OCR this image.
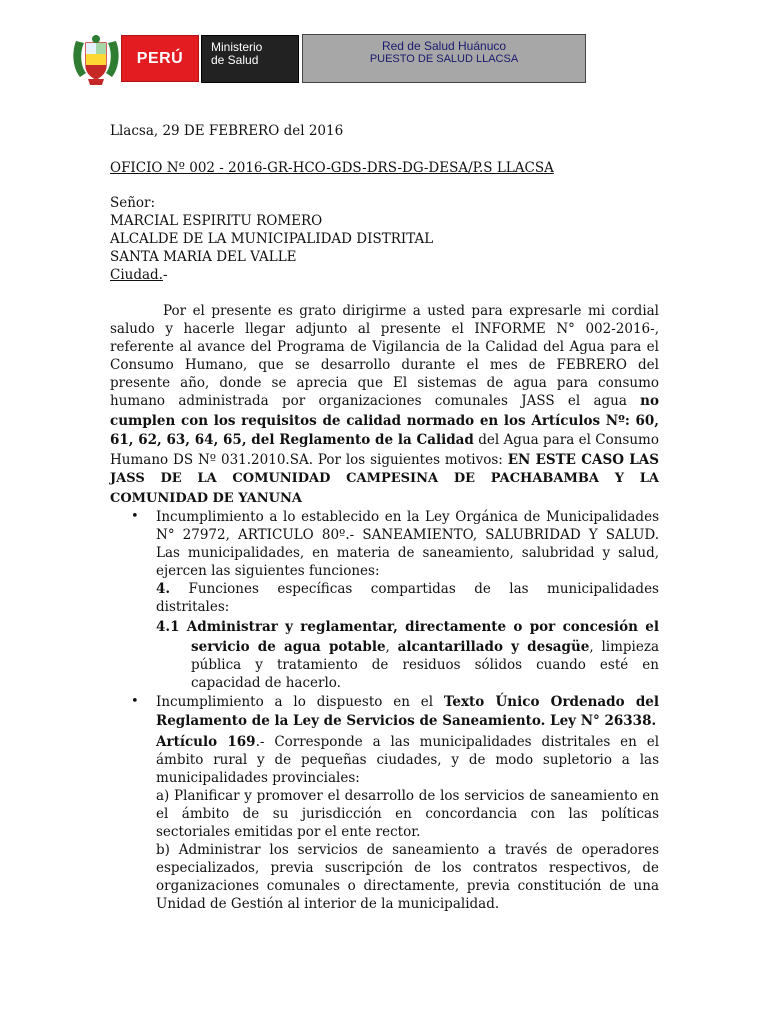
PERÚ
Ministerio
de Salud
Red de Salud Huánuco
PUESTO DE SALUD LLACSA
Llacsa, 29 DE FEBRERO del 2016
OFICIO Nº 002 - 2016-GR-HCO-GDS-DRS-DG-DESA/P.S LLACSA
Señor:
MARCIAL ESPIRITU ROMERO
ALCALDE DE LA MUNICIPALIDAD DISTRITAL
SANTA MARIA DEL VALLE
Ciudad.-
Por el presente es grato dirigirme a usted para expresarle mi cordial
saludo y hacerle llegar adjunto al presente el INFORME N° 002-2016-,
referente al avance del Programa de Vigilancia de la Calidad del Agua para el
Consumo Humano, que se desarrollo durante el mes de FEBRERO del
presente año, donde se aprecia que El sistemas de agua para consumo
humano administrada por organizaciones comunales JASS el agua no
cumplen con los requisitos de calidad normado en los Artículos Nº: 60,
61, 62, 63, 64, 65, del Reglamento de la Calidad del Agua para el Consumo
Humano DS Nº 031.2010.SA. Por los siguientes motivos: EN ESTE CASO LAS
JASS DE LA COMUNIDAD CAMPESINA DE PACHABAMBA Y LA
COMUNIDAD DE YANUNA
• Incumplimiento a lo establecido en la Ley Orgánica de Municipalidades
N° 27972, ARTICULO 80º.- SANEAMIENTO, SALUBRIDAD Y SALUD.
Las municipalidades, en materia de saneamiento, salubridad y salud,
ejercen las siguientes funciones:
4. Funciones específicas compartidas de las municipalidades
distritales:
4.1 Administrar y reglamentar, directamente o por concesión el
servicio de agua potable, alcantarillado y desagüe, limpieza
pública y tratamiento de residuos sólidos cuando esté en
capacidad de hacerlo.
• Incumplimiento a lo dispuesto en el Texto Único Ordenado del
Reglamento de la Ley de Servicios de Saneamiento. Ley N° 26338.
Artículo 169.- Corresponde a las municipalidades distritales en el
ámbito rural y de pequeñas ciudades, y de modo supletorio a las
municipalidades provinciales:
a) Planificar y promover el desarrollo de los servicios de saneamiento en
el ámbito de su jurisdicción en concordancia con las políticas
sectoriales emitidas por el ente rector.
b) Administrar los servicios de saneamiento a través de operadores
especializados, previa suscripción de los contratos respectivos, de
organizaciones comunales o directamente, previa constitución de una
Unidad de Gestión al interior de la municipalidad.
